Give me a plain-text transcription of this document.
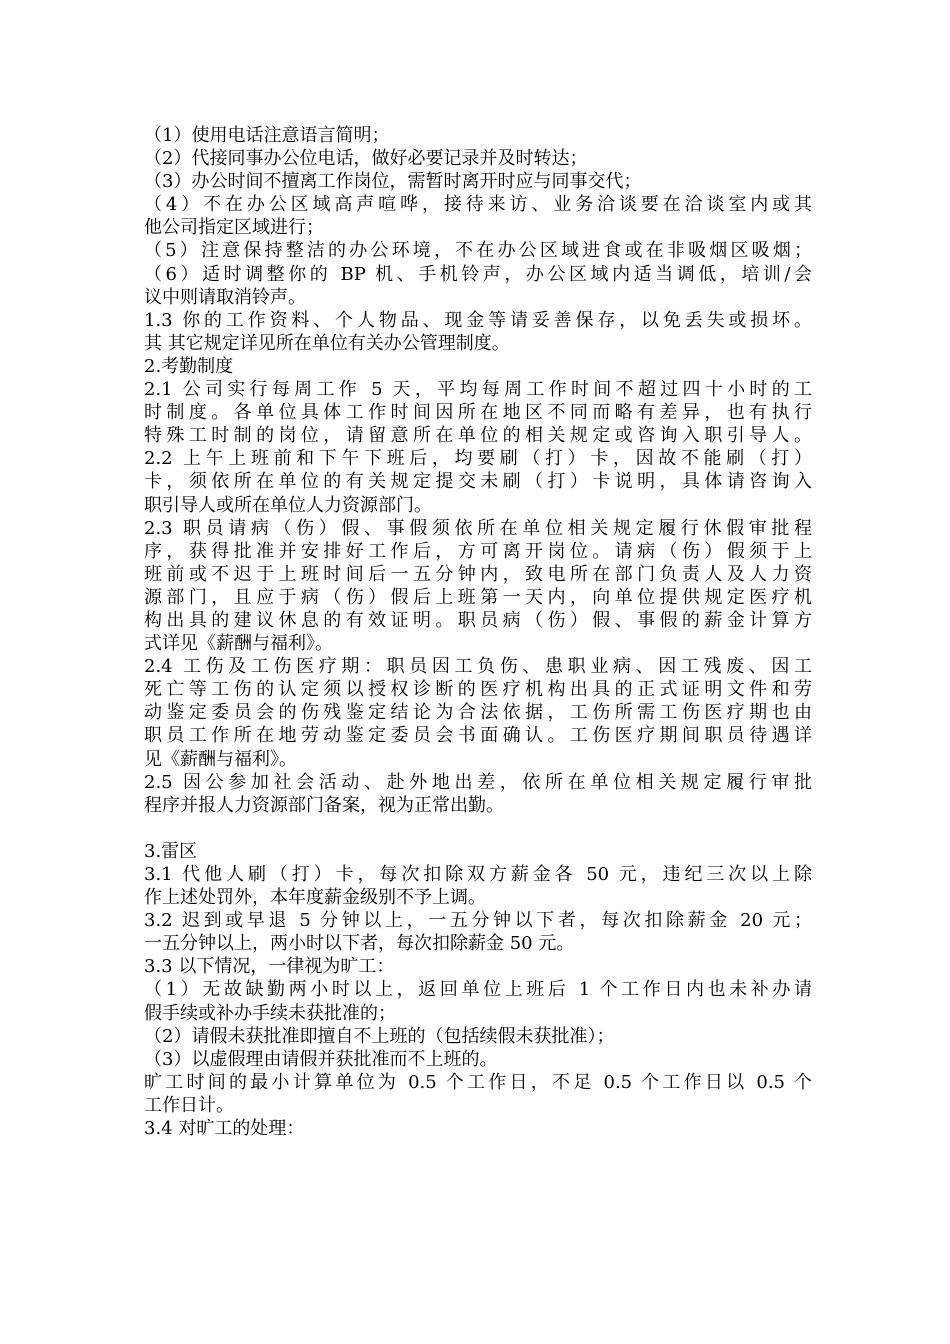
（1）使用电话注意语言简明；
（2）代接同事办公位电话，做好必要记录并及时转达；
（3）办公时间不擅离工作岗位，需暂时离开时应与同事交代；
（4）不在办公区域高声喧哗，接待来访、业务洽谈要在洽谈室内或其
他公司指定区域进行；
（5）注意保持整洁的办公环境，不在办公区域进食或在非吸烟区吸烟；
（6）适时调整你的 BP 机、手机铃声，办公区域内适当调低，培训/会
议中则请取消铃声。
1.3 你的工作资料、个人物品、现金等请妥善保存，以免丢失或损坏。
其 其它规定详见所在单位有关办公管理制度。
2.考勤制度
2.1 公司实行每周工作 5 天，平均每周工作时间不超过四十小时的工
时制度。各单位具体工作时间因所在地区不同而略有差异，也有执行
特殊工时制的岗位，请留意所在单位的相关规定或咨询入职引导人。
2.2 上午上班前和下午下班后，均要刷（打）卡，因故不能刷（打）
卡，须依所在单位的有关规定提交未刷（打）卡说明，具体请咨询入
职引导人或所在单位人力资源部门。
2.3 职员请病（伤）假、事假须依所在单位相关规定履行休假审批程
序，获得批准并安排好工作后，方可离开岗位。请病（伤）假须于上
班前或不迟于上班时间后一五分钟内，致电所在部门负责人及人力资
源部门，且应于病（伤）假后上班第一天内，向单位提供规定医疗机
构出具的建议休息的有效证明。职员病（伤）假、事假的薪金计算方
式详见《薪酬与福利》。
2.4 工伤及工伤医疗期：职员因工负伤、患职业病、因工残废、因工
死亡等工伤的认定须以授权诊断的医疗机构出具的正式证明文件和劳
动鉴定委员会的伤残鉴定结论为合法依据，工伤所需工伤医疗期也由
职员工作所在地劳动鉴定委员会书面确认。工伤医疗期间职员待遇详
见《薪酬与福利》。
2.5 因公参加社会活动、赴外地出差，依所在单位相关规定履行审批
程序并报人力资源部门备案，视为正常出勤。
3.雷区
3.1 代他人刷（打）卡，每次扣除双方薪金各 50 元，违纪三次以上除
作上述处罚外，本年度薪金级别不予上调。
3.2 迟到或早退 5 分钟以上，一五分钟以下者，每次扣除薪金 20 元；
一五分钟以上，两小时以下者，每次扣除薪金 50 元。
3.3 以下情况，一律视为旷工：
（1）无故缺勤两小时以上，返回单位上班后 1 个工作日内也未补办请
假手续或补办手续未获批准的；
（2）请假未获批准即擅自不上班的（包括续假未获批准）；
（3）以虚假理由请假并获批准而不上班的。
旷工时间的最小计算单位为 0.5 个工作日，不足 0.5 个工作日以 0.5 个
工作日计。
3.4 对旷工的处理：
